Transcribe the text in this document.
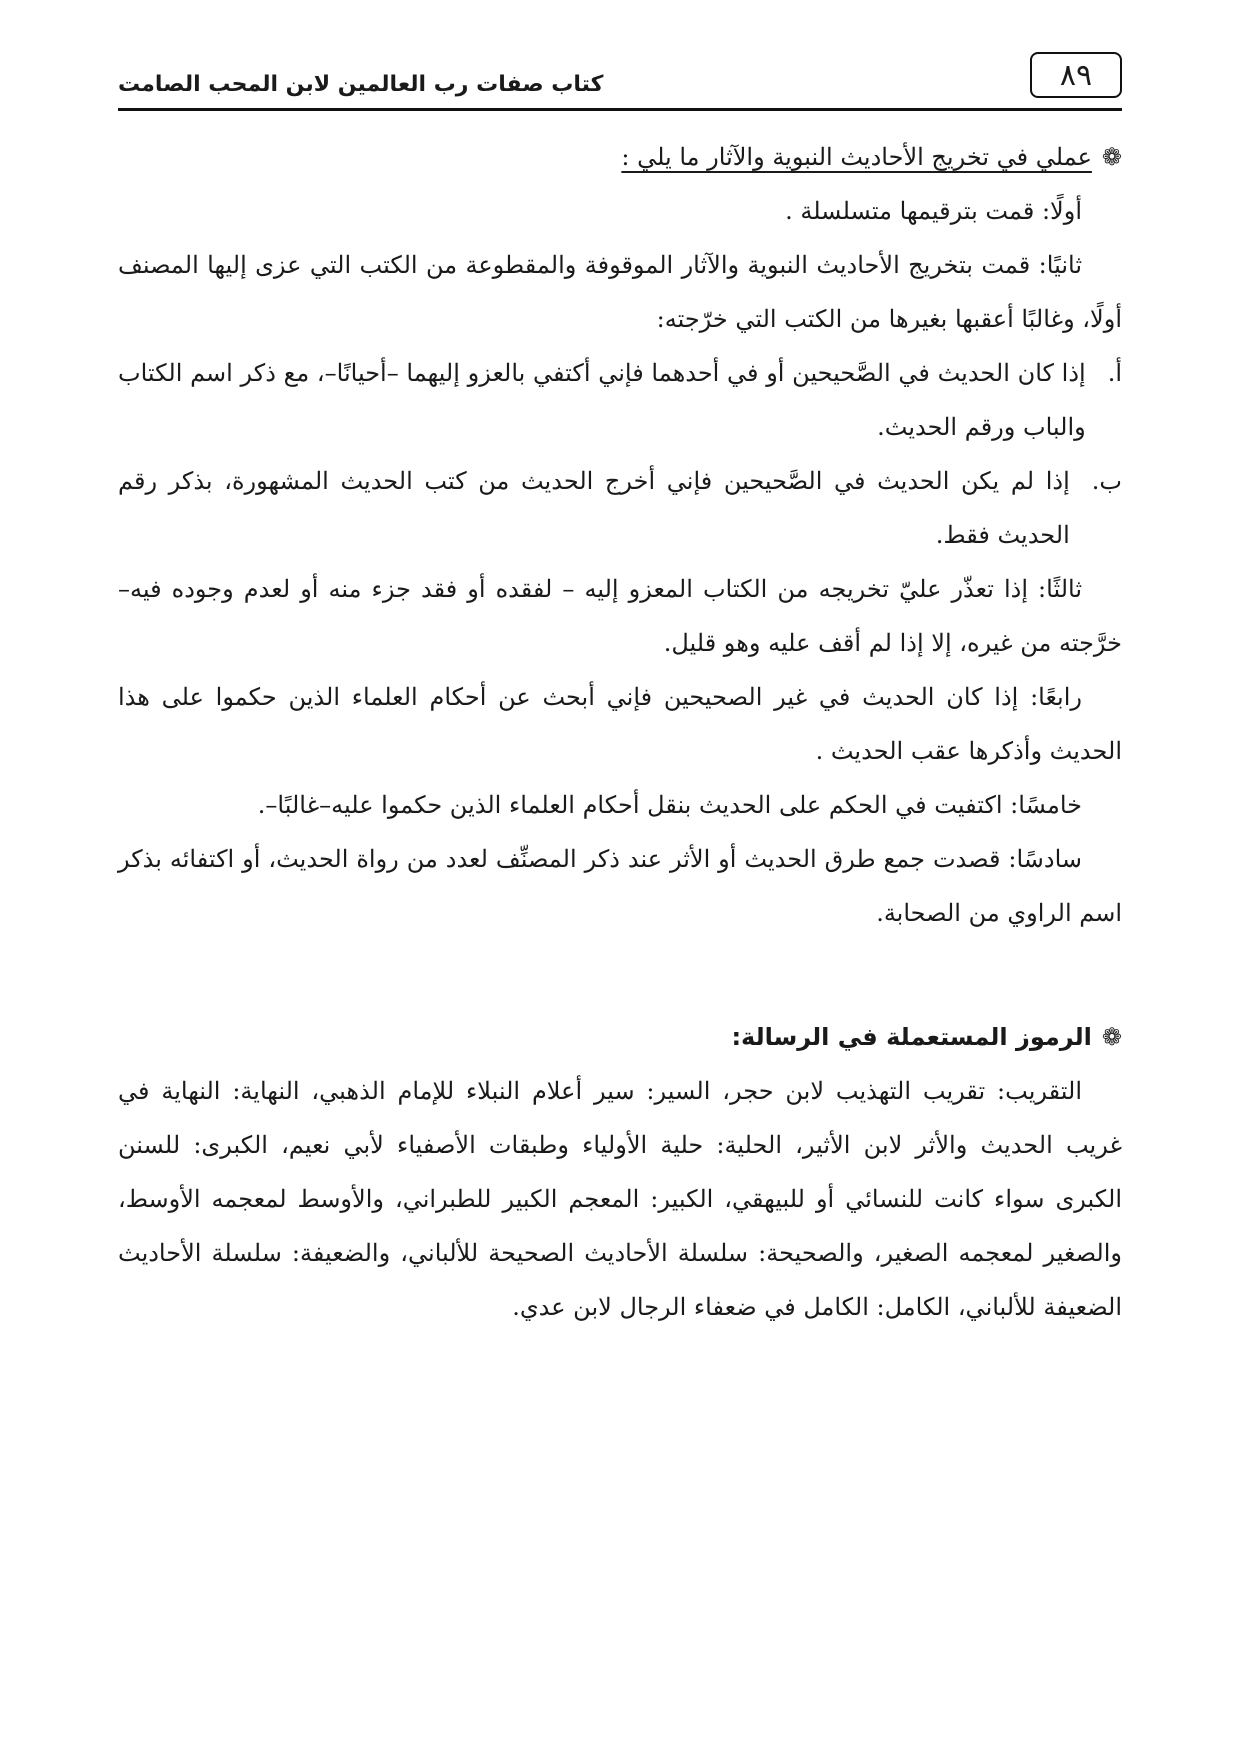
٨٩
كتاب صفات رب العالمين لابن المحب الصامت

❁
عملي في تخريج الأحاديث النبوية والآثار ما يلي :

أولًا: قمت بترقيمها متسلسلة .

ثانيًا: قمت بتخريج الأحاديث النبوية والآثار الموقوفة والمقطوعة من الكتب التي عزى إليها المصنف أولًا، وغالبًا أعقبها بغيرها من الكتب التي خرّجته:

أ.
إذا كان الحديث في الصَّحيحين أو في أحدهما فإني أكتفي بالعزو إليهما –أحيانًا–، مع ذكر اسم الكتاب والباب ورقم الحديث.
ب.
إذا لم يكن الحديث في الصَّحيحين فإني أخرج الحديث من كتب الحديث المشهورة، بذكر رقم الحديث فقط.

ثالثًا: إذا تعذّر عليّ تخريجه من الكتاب المعزو إليه – لفقده أو فقد جزء منه أو لعدم وجوده فيه– خرَّجته من غيره، إلا إذا لم أقف عليه وهو قليل.

رابعًا: إذا كان الحديث في غير الصحيحين فإني أبحث عن أحكام العلماء الذين حكموا على هذا الحديث وأذكرها عقب الحديث .

خامسًا: اكتفيت في الحكم على الحديث بنقل أحكام العلماء الذين حكموا عليه–غالبًا–.

سادسًا: قصدت جمع طرق الحديث أو الأثر عند ذكر المصنِّف لعدد من رواة الحديث، أو اكتفائه بذكر اسم الراوي من الصحابة.

❁
الرموز المستعملة في الرسالة:

التقريب: تقريب التهذيب لابن حجر، السير: سير أعلام النبلاء للإمام الذهبي، النهاية: النهاية في غريب الحديث والأثر لابن الأثير، الحلية: حلية الأولياء وطبقات الأصفياء لأبي نعيم، الكبرى: للسنن الكبرى سواء كانت للنسائي أو للبيهقي، الكبير: المعجم الكبير للطبراني، والأوسط لمعجمه الأوسط، والصغير لمعجمه الصغير، والصحيحة: سلسلة الأحاديث الصحيحة للألباني، والضعيفة: سلسلة الأحاديث الضعيفة للألباني، الكامل: الكامل في ضعفاء الرجال لابن عدي.
